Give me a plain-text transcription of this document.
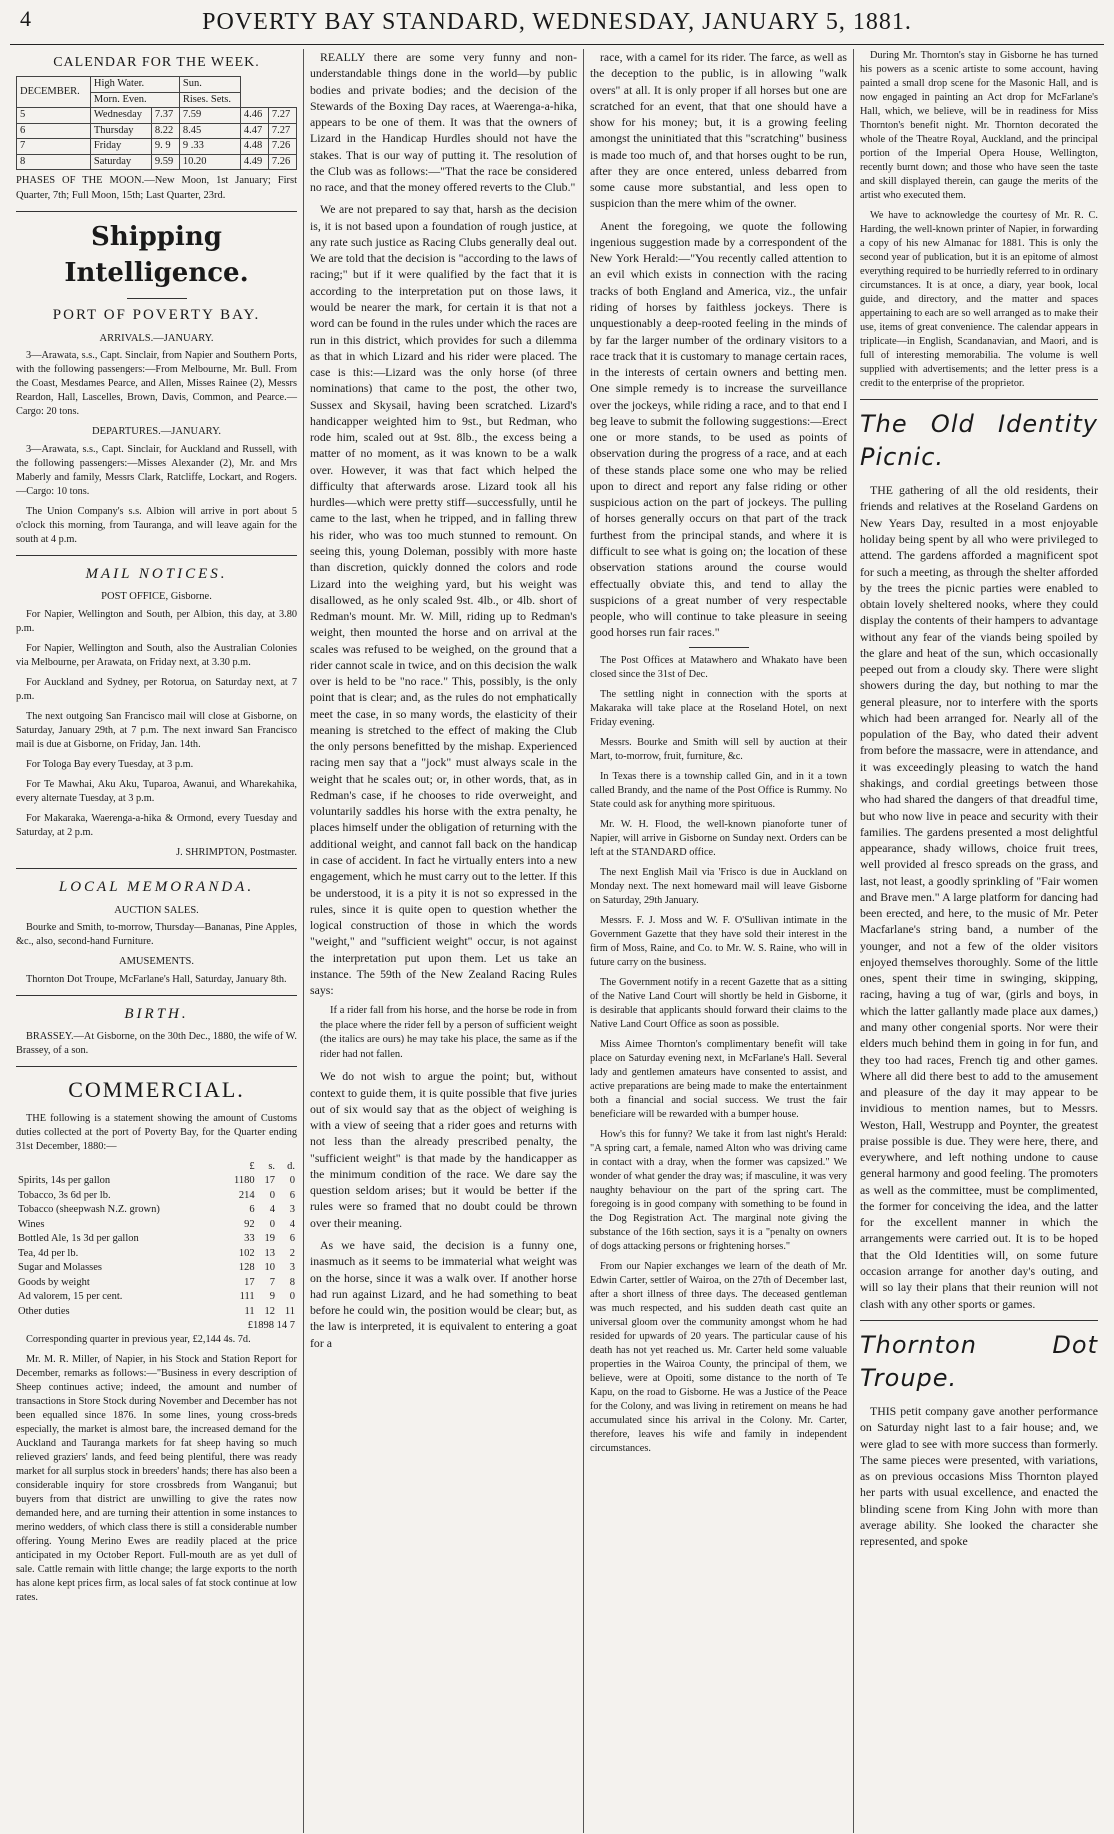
4	POVERTY BAY STANDARD, WEDNESDAY, JANUARY 5, 1881.
CALENDAR FOR THE WEEK.
DECEMBER.	High Water.		Sun.		
	Morn. Even.		Rises. Sets.		
5	Wednesday	7.37	7.59	4.46	7.27
6	Thursday	8.22	8.45	4.47	7.27
7	Friday	9. 9	9 .33	4.48	7.26
8	Saturday	9.59	10.20	4.49	7.26
PHASES OF THE MOON.—New Moon, 1st January; First Quarter, 7th; Full Moon, 15th; Last Quarter, 23rd.
Shipping Intelligence.
PORT OF POVERTY BAY.
ARRIVALS.—JANUARY.

3—Arawata, s.s., Capt. Sinclair, from Napier and Southern Ports, with the following passengers:—From Melbourne, Mr. Bull. From the Coast, Mesdames Pearce, and Allen, Misses Rainee (2), Messrs Reardon, Hall, Lascelles, Brown, Davis, Common, and Pearce.—Cargo: 20 tons.

DEPARTURES.—JANUARY.

3—Arawata, s.s., Capt. Sinclair, for Auckland and Russell, with the following passengers:—Misses Alexander (2), Mr. and Mrs Maberly and family, Messrs Clark, Ratcliffe, Lockart, and Rogers.—Cargo: 10 tons.

The Union Company's s.s. Albion will arrive in port about 5 o'clock this morning, from Tauranga, and will leave again for the south at 4 p.m.

MAIL NOTICES.
POST OFFICE, Gisborne.

For Napier, Wellington and South, per Albion, this day, at 3.80 p.m.

For Napier, Wellington and South, also the Australian Colonies via Melbourne, per Arawata, on Friday next, at 3.30 p.m.

For Auckland and Sydney, per Rotorua, on Saturday next, at 7 p.m.

The next outgoing San Francisco mail will close at Gisborne, on Saturday, January 29th, at 7 p.m. The next inward San Francisco mail is due at Gisborne, on Friday, Jan. 14th.

For Tologa Bay every Tuesday, at 3 p.m.

For Te Mawhai, Aku Aku, Tuparoa, Awanui, and Wharekahika, every alternate Tuesday, at 3 p.m.

For Makaraka, Waerenga-a-hika & Ormond, every Tuesday and Saturday, at 2 p.m.

J. SHRIMPTON, Postmaster.
LOCAL MEMORANDA.
AUCTION SALES.

Bourke and Smith, to-morrow, Thursday—Bananas, Pine Apples, &c., also, second-hand Furniture.

AMUSEMENTS.

Thornton Dot Troupe, McFarlane's Hall, Saturday, January 8th.

BIRTH.

BRASSEY.—At Gisborne, on the 30th Dec., 1880, the wife of W. Brassey, of a son.

COMMERCIAL.

THE following is a statement showing the amount of Customs duties collected at the port of Poverty Bay, for the Quarter ending 31st December, 1880:—

	£	s.	d.
Spirits, 14s per gallon	1180	17	0
Tobacco, 3s 6d per lb.	214	0	6
Tobacco (sheepwash N.Z. grown)	6	4	3
Wines	92	0	4
Bottled Ale, 1s 3d per gallon	33	19	6
Tea, 4d per lb.	102	13	2
Sugar and Molasses	128	10	3
Goods by weight	17	7	8
Ad valorem, 15 per cent.	111	9	0
Other duties	11	12	11
	£1898 14 7		

Corresponding quarter in previous year, £2,144 4s. 7d.

Mr. M. R. Miller, of Napier, in his Stock and Station Report for December, remarks as follows:—"Business in every description of Sheep continues active; indeed, the amount and number of transactions in Store Stock during November and December has not been equalled since 1876. In some lines, young cross-breds especially, the market is almost bare, the increased demand for the Auckland and Tauranga markets for fat sheep having so much relieved graziers' lands, and feed being plentiful, there was ready market for all surplus stock in breeders' hands; there has also been a considerable inquiry for store crossbreds from Wanganui; but buyers from that district are unwilling to give the rates now demanded here, and are turning their attention in some instances to merino wedders, of which class there is still a considerable number offering. Young Merino Ewes are readily placed at the price anticipated in my October Report. Full-mouth are as yet dull of sale. Cattle remain with little change; the large exports to the north has alone kept prices firm, as local sales of fat stock continue at low rates.

REALLY there are some very funny and non-understandable things done in the world—by public bodies and private bodies; and the decision of the Stewards of the Boxing Day races, at Waerenga-a-hika, appears to be one of them. It was that the owners of Lizard in the Handicap Hurdles should not have the stakes. That is our way of putting it. The resolution of the Club was as follows:—"That the race be considered no race, and that the money offered reverts to the Club."

We are not prepared to say that, harsh as the decision is, it is not based upon a foundation of rough justice, at any rate such justice as Racing Clubs generally deal out. We are told that the decision is "according to the laws of racing;" but if it were qualified by the fact that it is according to the interpretation put on those laws, it would be nearer the mark, for certain it is that not a word can be found in the rules under which the races are run in this district, which provides for such a dilemma as that in which Lizard and his rider were placed. The case is this:—Lizard was the only horse (of three nominations) that came to the post, the other two, Sussex and Skysail, having been scratched. Lizard's handicapper weighted him to 9st., but Redman, who rode him, scaled out at 9st. 8lb., the excess being a matter of no moment, as it was known to be a walk over. However, it was that fact which helped the difficulty that afterwards arose. Lizard took all his hurdles—which were pretty stiff—successfully, until he came to the last, when he tripped, and in falling threw his rider, who was too much stunned to remount. On seeing this, young Doleman, possibly with more haste than discretion, quickly donned the colors and rode Lizard into the weighing yard, but his weight was disallowed, as he only scaled 9st. 4lb., or 4lb. short of Redman's mount. Mr. W. Mill, riding up to Redman's weight, then mounted the horse and on arrival at the scales was refused to be weighed, on the ground that a rider cannot scale in twice, and on this decision the walk over is held to be "no race." This, possibly, is the only point that is clear; and, as the rules do not emphatically meet the case, in so many words, the elasticity of their meaning is stretched to the effect of making the Club the only persons benefitted by the mishap. Experienced racing men say that a "jock" must always scale in the weight that he scales out; or, in other words, that, as in Redman's case, if he chooses to ride overweight, and voluntarily saddles his horse with the extra penalty, he places himself under the obligation of returning with the additional weight, and cannot fall back on the handicap in case of accident. In fact he virtually enters into a new engagement, which he must carry out to the letter. If this be understood, it is a pity it is not so expressed in the rules, since it is quite open to question whether the logical construction of those in which the words "weight," and "sufficient weight" occur, is not against the interpretation put upon them. Let us take an instance. The 59th of the New Zealand Racing Rules says:

If a rider fall from his horse, and the horse be rode in from the place where the rider fell by a person of sufficient weight (the italics are ours) he may take his place, the same as if the rider had not fallen.

We do not wish to argue the point; but, without context to guide them, it is quite possible that five juries out of six would say that as the object of weighing is with a view of seeing that a rider goes and returns with not less than the already prescribed penalty, the "sufficient weight" is that made by the handicapper as the minimum condition of the race. We dare say the question seldom arises; but it would be better if the rules were so framed that no doubt could be thrown over their meaning.

As we have said, the decision is a funny one, inasmuch as it seems to be immaterial what weight was on the horse, since it was a walk over. If another horse had run against Lizard, and he had something to beat before he could win, the position would be clear; but, as the law is interpreted, it is equivalent to entering a goat for a

race, with a camel for its rider. The farce, as well as the deception to the public, is in allowing "walk overs" at all. It is only proper if all horses but one are scratched for an event, that that one should have a show for his money; but, it is a growing feeling amongst the uninitiated that this "scratching" business is made too much of, and that horses ought to be run, after they are once entered, unless debarred from some cause more substantial, and less open to suspicion than the mere whim of the owner.

Anent the foregoing, we quote the following ingenious suggestion made by a correspondent of the New York Herald:—"You recently called attention to an evil which exists in connection with the racing tracks of both England and America, viz., the unfair riding of horses by faithless jockeys. There is unquestionably a deep-rooted feeling in the minds of by far the larger number of the ordinary visitors to a race track that it is customary to manage certain races, in the interests of certain owners and betting men. One simple remedy is to increase the surveillance over the jockeys, while riding a race, and to that end I beg leave to submit the following suggestions:—Erect one or more stands, to be used as points of observation during the progress of a race, and at each of these stands place some one who may be relied upon to direct and report any false riding or other suspicious action on the part of jockeys. The pulling of horses generally occurs on that part of the track furthest from the principal stands, and where it is difficult to see what is going on; the location of these observation stations around the course would effectually obviate this, and tend to allay the suspicions of a great number of very respectable people, who will continue to take pleasure in seeing good horses run fair races."

The Post Offices at Matawhero and Whakato have been closed since the 31st of Dec.

The settling night in connection with the sports at Makaraka will take place at the Roseland Hotel, on next Friday evening.

Messrs. Bourke and Smith will sell by auction at their Mart, to-morrow, fruit, furniture, &c.

In Texas there is a township called Gin, and in it a town called Brandy, and the name of the Post Office is Rummy. No State could ask for anything more spirituous.

Mr. W. H. Flood, the well-known pianoforte tuner of Napier, will arrive in Gisborne on Sunday next. Orders can be left at the STANDARD office.

The next English Mail via 'Frisco is due in Auckland on Monday next. The next homeward mail will leave Gisborne on Saturday, 29th January.

Messrs. F. J. Moss and W. F. O'Sullivan intimate in the Government Gazette that they have sold their interest in the firm of Moss, Raine, and Co. to Mr. W. S. Raine, who will in future carry on the business.

The Government notify in a recent Gazette that as a sitting of the Native Land Court will shortly be held in Gisborne, it is desirable that applicants should forward their claims to the Native Land Court Office as soon as possible.

Miss Aimee Thornton's complimentary benefit will take place on Saturday evening next, in McFarlane's Hall. Several lady and gentlemen amateurs have consented to assist, and active preparations are being made to make the entertainment both a financial and social success. We trust the fair beneficiare will be rewarded with a bumper house.

How's this for funny? We take it from last night's Herald: "A spring cart, a female, named Alton who was driving came in contact with a dray, when the former was capsized." We wonder of what gender the dray was; if masculine, it was very naughty behaviour on the part of the spring cart. The foregoing is in good company with something to be found in the Dog Registration Act. The marginal note giving the substance of the 16th section, says it is a "penalty on owners of dogs attacking persons or frightening horses."

From our Napier exchanges we learn of the death of Mr. Edwin Carter, settler of Wairoa, on the 27th of December last, after a short illness of three days. The deceased gentleman was much respected, and his sudden death cast quite an universal gloom over the community amongst whom he had resided for upwards of 20 years. The particular cause of his death has not yet reached us. Mr. Carter held some valuable properties in the Wairoa County, the principal of them, we believe, were at Opoiti, some distance to the north of Te Kapu, on the road to Gisborne. He was a Justice of the Peace for the Colony, and was living in retirement on means he had accumulated since his arrival in the Colony. Mr. Carter, therefore, leaves his wife and family in independent circumstances.

During Mr. Thornton's stay in Gisborne he has turned his powers as a scenic artiste to some account, having painted a small drop scene for the Masonic Hall, and is now engaged in painting an Act drop for McFarlane's Hall, which, we believe, will be in readiness for Miss Thornton's benefit night. Mr. Thornton decorated the whole of the Theatre Royal, Auckland, and the principal portion of the Imperial Opera House, Wellington, recently burnt down; and those who have seen the taste and skill displayed therein, can gauge the merits of the artist who executed them.

We have to acknowledge the courtesy of Mr. R. C. Harding, the well-known printer of Napier, in forwarding a copy of his new Almanac for 1881. This is only the second year of publication, but it is an epitome of almost everything required to be hurriedly referred to in ordinary circumstances. It is at once, a diary, year book, local guide, and directory, and the matter and spaces appertaining to each are so well arranged as to make their use, items of great convenience. The calendar appears in triplicate—in English, Scandanavian, and Maori, and is full of interesting memorabilia. The volume is well supplied with advertisements; and the letter press is a credit to the enterprise of the proprietor.

The Old Identity Picnic.

THE gathering of all the old residents, their friends and relatives at the Roseland Gardens on New Years Day, resulted in a most enjoyable holiday being spent by all who were privileged to attend. The gardens afforded a magnificent spot for such a meeting, as through the shelter afforded by the trees the picnic parties were enabled to obtain lovely sheltered nooks, where they could display the contents of their hampers to advantage without any fear of the viands being spoiled by the glare and heat of the sun, which occasionally peeped out from a cloudy sky. There were slight showers during the day, but nothing to mar the general pleasure, nor to interfere with the sports which had been arranged for. Nearly all of the population of the Bay, who dated their advent from before the massacre, were in attendance, and it was exceedingly pleasing to watch the hand shakings, and cordial greetings between those who had shared the dangers of that dreadful time, but who now live in peace and security with their families. The gardens presented a most delightful appearance, shady willows, choice fruit trees, well provided al fresco spreads on the grass, and last, not least, a goodly sprinkling of "Fair women and Brave men." A large platform for dancing had been erected, and here, to the music of Mr. Peter Macfarlane's string band, a number of the younger, and not a few of the older visitors enjoyed themselves thoroughly. Some of the little ones, spent their time in swinging, skipping, racing, having a tug of war, (girls and boys, in which the latter gallantly made place aux dames,) and many other congenial sports. Nor were their elders much behind them in going in for fun, and they too had races, French tig and other games. Where all did there best to add to the amusement and pleasure of the day it may appear to be invidious to mention names, but to Messrs. Weston, Hall, Westrupp and Poynter, the greatest praise possible is due. They were here, there, and everywhere, and left nothing undone to cause general harmony and good feeling. The promoters as well as the committee, must be complimented, the former for conceiving the idea, and the latter for the excellent manner in which the arrangements were carried out. It is to be hoped that the Old Identities will, on some future occasion arrange for another day's outing, and will so lay their plans that their reunion will not clash with any other sports or games.

Thornton Dot Troupe.

THIS petit company gave another performance on Saturday night last to a fair house; and, we were glad to see with more success than formerly. The same pieces were presented, with variations, as on previous occasions Miss Thornton played her parts with usual excellence, and enacted the blinding scene from King John with more than average ability. She looked the character she represented, and spoke
